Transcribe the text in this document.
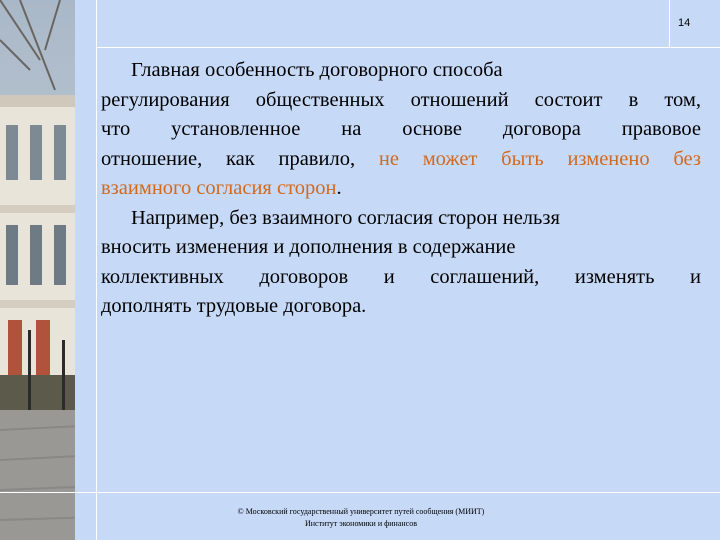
14

Главная особенность договорного способа
регулирования общественных отношений состоит в том,
что установленное на основе договора правовое
отношение, как правило, не может быть изменено без
взаимного согласия сторон.

Например, без взаимного согласия сторон нельзя
вносить изменения и дополнения в содержание
коллективных договоров и соглашений, изменять и
дополнять трудовые договора.

© Московский государственный университет путей сообщения (МИИТ)
Институт экономики и финансов
